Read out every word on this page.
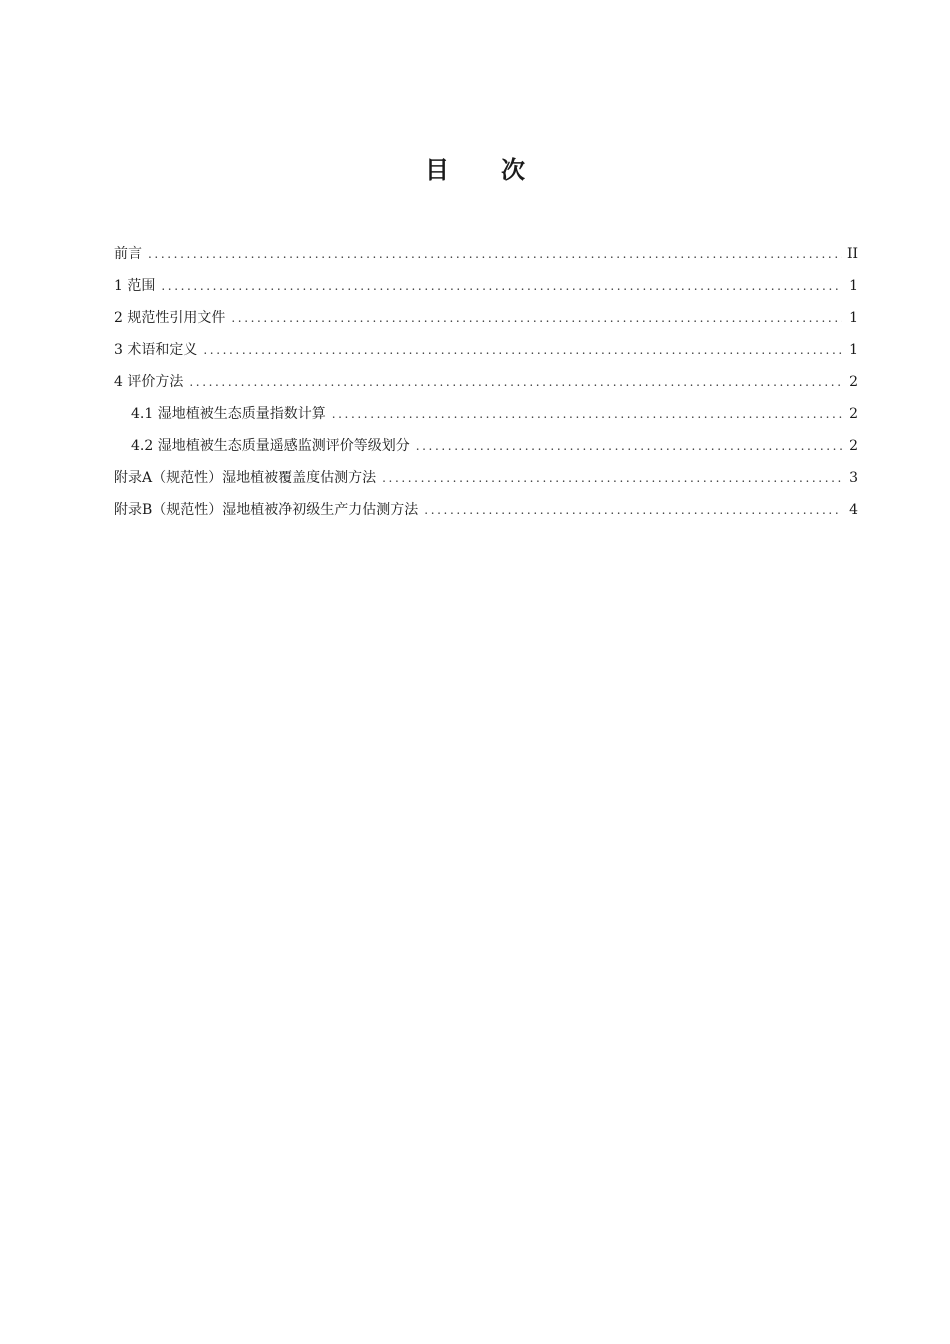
目 次
前言 .....	II
1 范围 .....	1
2 规范性引用文件 .....	1
3 术语和定义 .....	1
4 评价方法 .....	2
4.1 湿地植被生态质量指数计算 .....	2
4.2 湿地植被生态质量遥感监测评价等级划分 .....	2
附录A（规范性）湿地植被覆盖度估测方法 .....	3
附录B（规范性）湿地植被净初级生产力估测方法 .....	4
